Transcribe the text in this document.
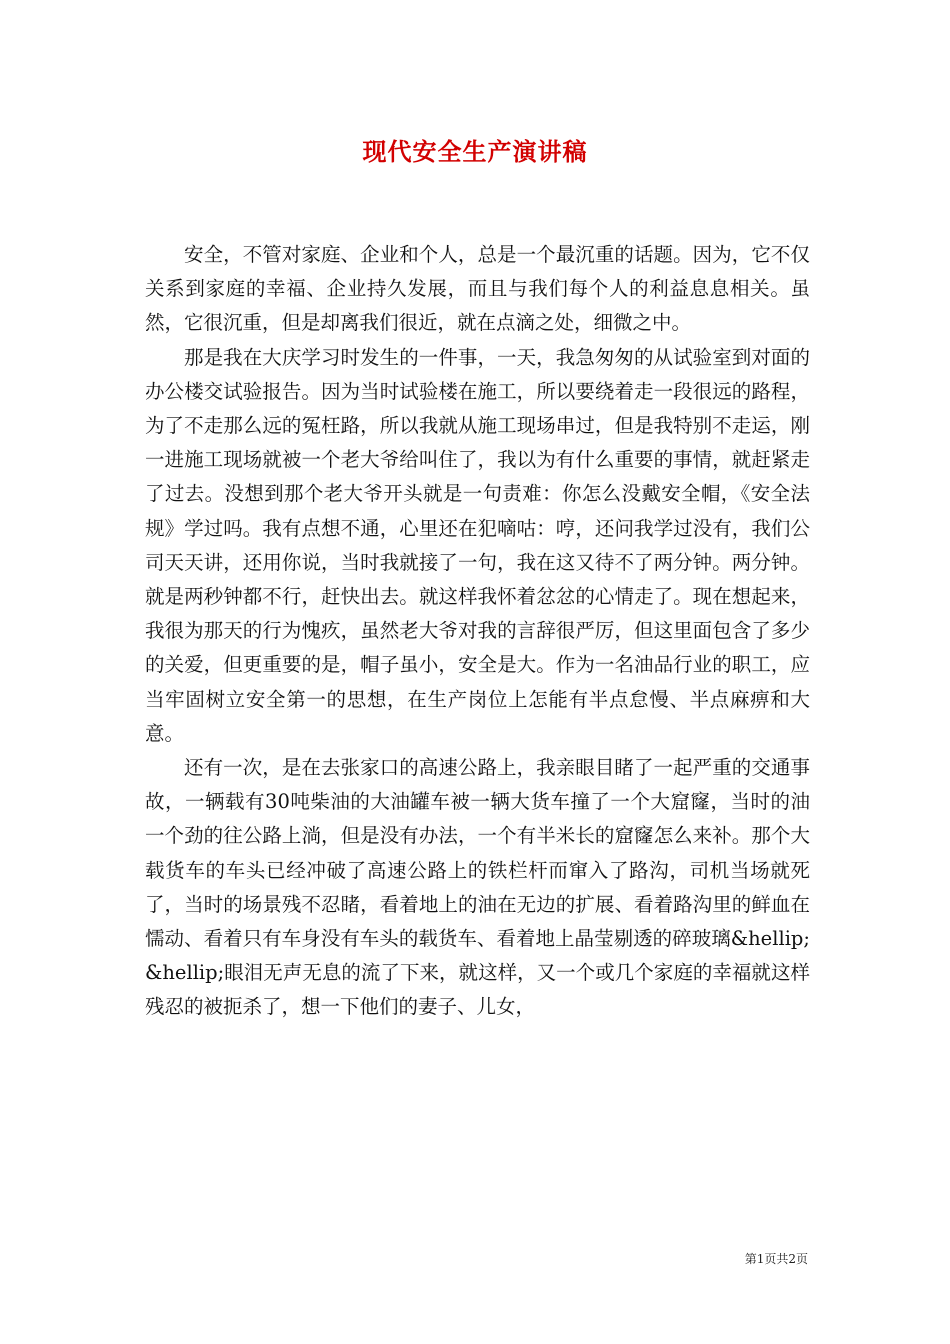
现代安全生产演讲稿

安全，不管对家庭、企业和个人，总是一个最沉重的话题。因为，它不仅关系到家庭的幸福、企业持久发展，而且与我们每个人的利益息息相关。虽然，它很沉重，但是却离我们很近，就在点滴之处，细微之中。

那是我在大庆学习时发生的一件事，一天，我急匆匆的从试验室到对面的办公楼交试验报告。因为当时试验楼在施工，所以要绕着走一段很远的路程，为了不走那么远的冤枉路，所以我就从施工现场串过，但是我特别不走运，刚一进施工现场就被一个老大爷给叫住了，我以为有什么重要的事情，就赶紧走了过去。没想到那个老大爷开头就是一句责难：你怎么没戴安全帽，《安全法规》学过吗。我有点想不通，心里还在犯嘀咕：哼，还问我学过没有，我们公司天天讲，还用你说，当时我就接了一句，我在这又待不了两分钟。两分钟。就是两秒钟都不行，赶快出去。就这样我怀着忿忿的心情走了。现在想起来，我很为那天的行为愧疚，虽然老大爷对我的言辞很严厉，但这里面包含了多少的关爱，但更重要的是，帽子虽小，安全是大。作为一名油品行业的职工，应当牢固树立安全第一的思想，在生产岗位上怎能有半点怠慢、半点麻痹和大意。

还有一次，是在去张家口的高速公路上，我亲眼目睹了一起严重的交通事故，一辆载有30吨柴油的大油罐车被一辆大货车撞了一个大窟窿，当时的油一个劲的往公路上淌，但是没有办法，一个有半米长的窟窿怎么来补。那个大载货车的车头已经冲破了高速公路上的铁栏杆而窜入了路沟，司机当场就死了，当时的场景残不忍睹，看着地上的油在无边的扩展、看着路沟里的鲜血在懦动、看着只有车身没有车头的载货车、看着地上晶莹剔透的碎玻璃&hellip;&hellip;眼泪无声无息的流了下来，就这样，又一个或几个家庭的幸福就这样残忍的被扼杀了，想一下他们的妻子、儿女，

第1页共2页
